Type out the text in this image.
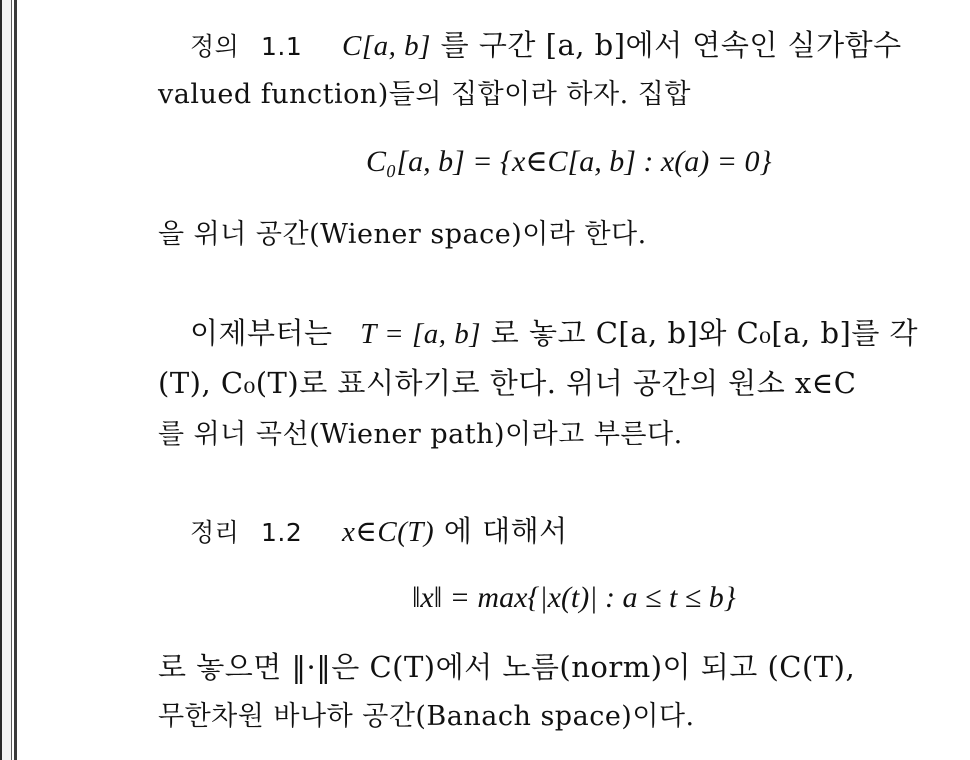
정의 1.1 C[a, b] 를 구간 [a, b]에서 연속인 실가함수
valued function)들의 집합이라 하자. 집합
C₀[a, b] = {x∈C[a, b] : x(a) = 0}
을 위너 공간(Wiener space)이라 한다.
이제부터는 T = [a, b] 로 놓고 C[a, b]와 C₀[a, b]를 각
(T), C₀(T)로 표시하기로 한다. 위너 공간의 원소 x∈C
를 위너 곡선(Wiener path)이라고 부른다.
정리 1.2 x∈C(T) 에 대해서
‖x‖ = max{|x(t)| : a ≤ t ≤ b}
로 놓으면 ‖·‖은 C(T)에서 노름(norm)이 되고 (C(T),
무한차원 바나하 공간(Banach space)이다.
